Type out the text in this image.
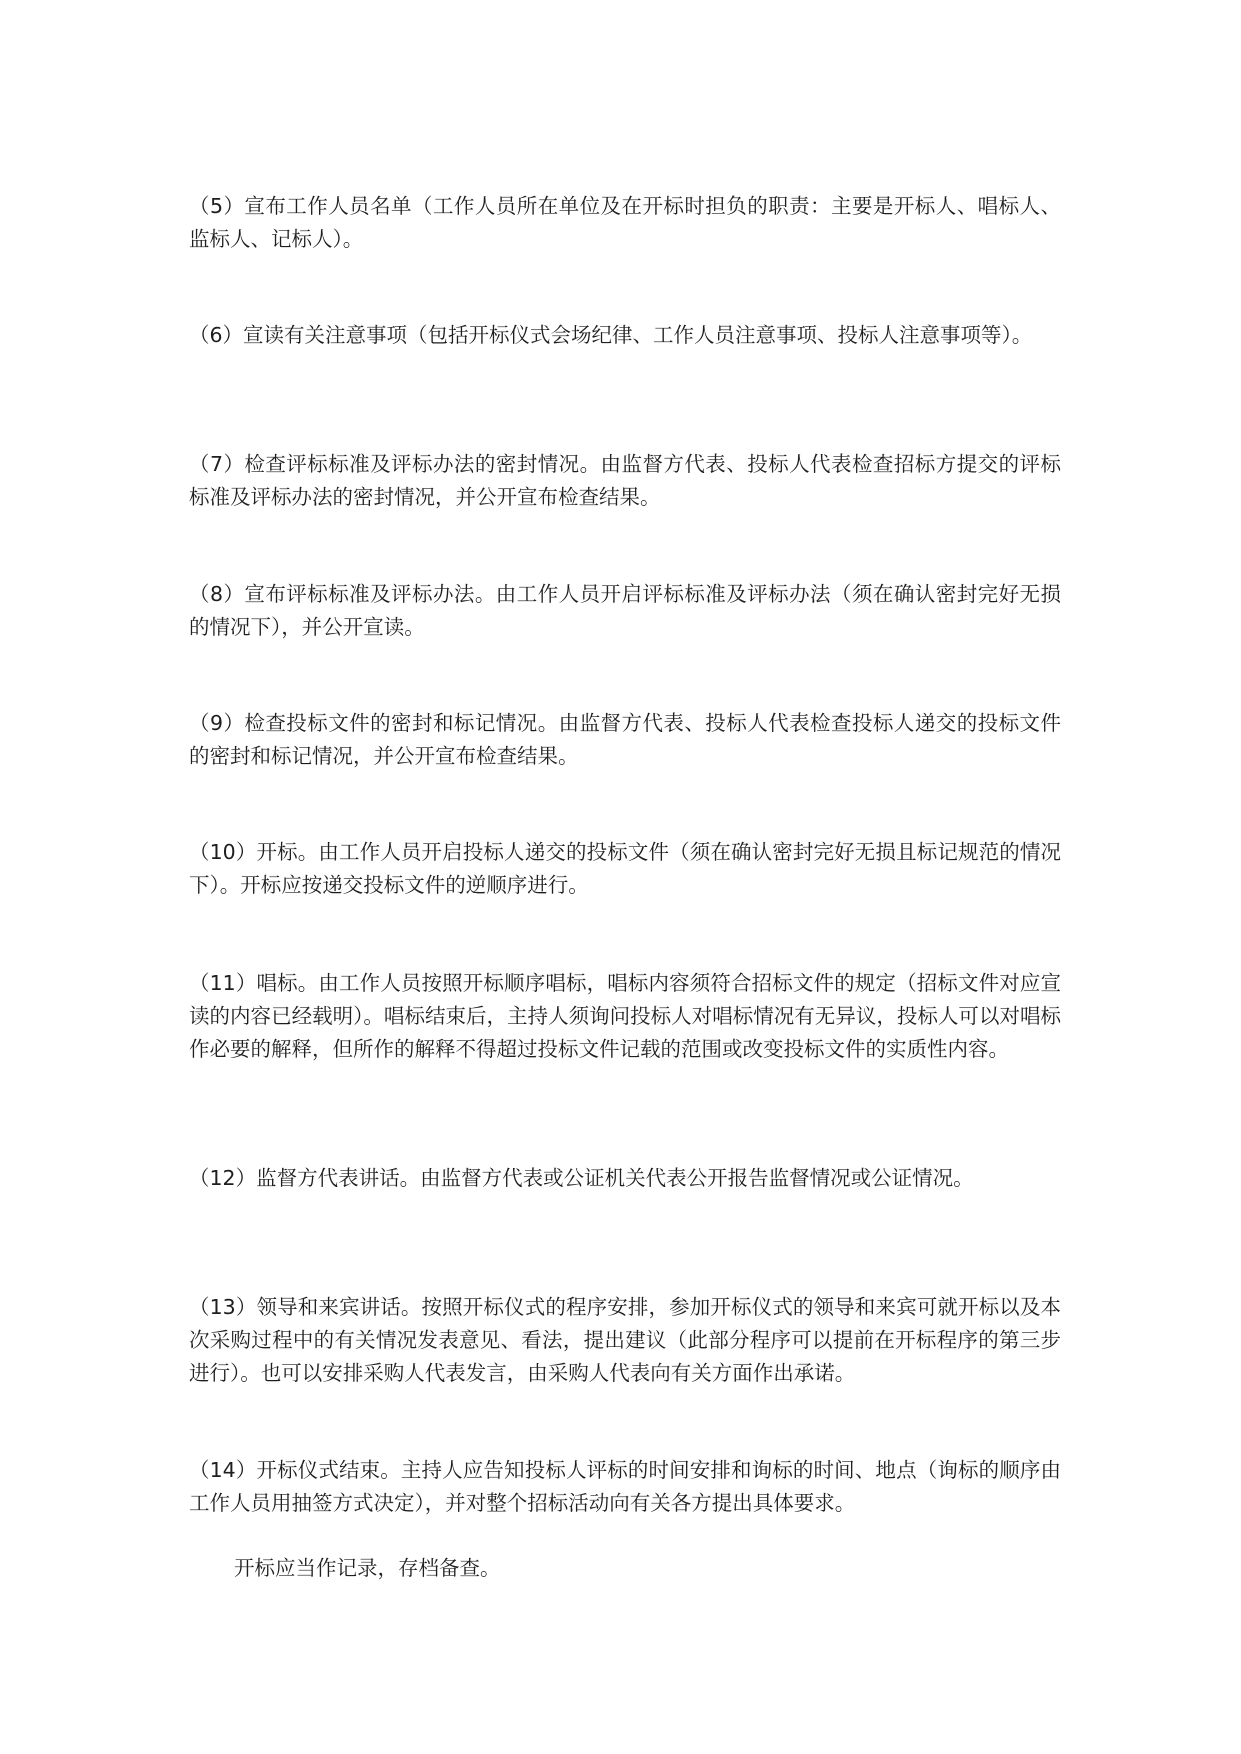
（5）宣布工作人员名单（工作人员所在单位及在开标时担负的职责：主要是开标人、唱标人、监标人、记标人）。

（6）宣读有关注意事项（包括开标仪式会场纪律、工作人员注意事项、投标人注意事项等）。

（7）检查评标标准及评标办法的密封情况。由监督方代表、投标人代表检查招标方提交的评标标准及评标办法的密封情况，并公开宣布检查结果。

（8）宣布评标标准及评标办法。由工作人员开启评标标准及评标办法（须在确认密封完好无损的情况下），并公开宣读。

（9）检查投标文件的密封和标记情况。由监督方代表、投标人代表检查投标人递交的投标文件的密封和标记情况，并公开宣布检查结果。

（10）开标。由工作人员开启投标人递交的投标文件（须在确认密封完好无损且标记规范的情况下）。开标应按递交投标文件的逆顺序进行。

（11）唱标。由工作人员按照开标顺序唱标，唱标内容须符合招标文件的规定（招标文件对应宣读的内容已经载明）。唱标结束后，主持人须询问投标人对唱标情况有无异议，投标人可以对唱标作必要的解释，但所作的解释不得超过投标文件记载的范围或改变投标文件的实质性内容。

（12）监督方代表讲话。由监督方代表或公证机关代表公开报告监督情况或公证情况。

（13）领导和来宾讲话。按照开标仪式的程序安排，参加开标仪式的领导和来宾可就开标以及本次采购过程中的有关情况发表意见、看法，提出建议（此部分程序可以提前在开标程序的第三步进行）。也可以安排采购人代表发言，由采购人代表向有关方面作出承诺。

（14）开标仪式结束。主持人应告知投标人评标的时间安排和询标的时间、地点（询标的顺序由工作人员用抽签方式决定），并对整个招标活动向有关各方提出具体要求。

开标应当作记录，存档备查。
